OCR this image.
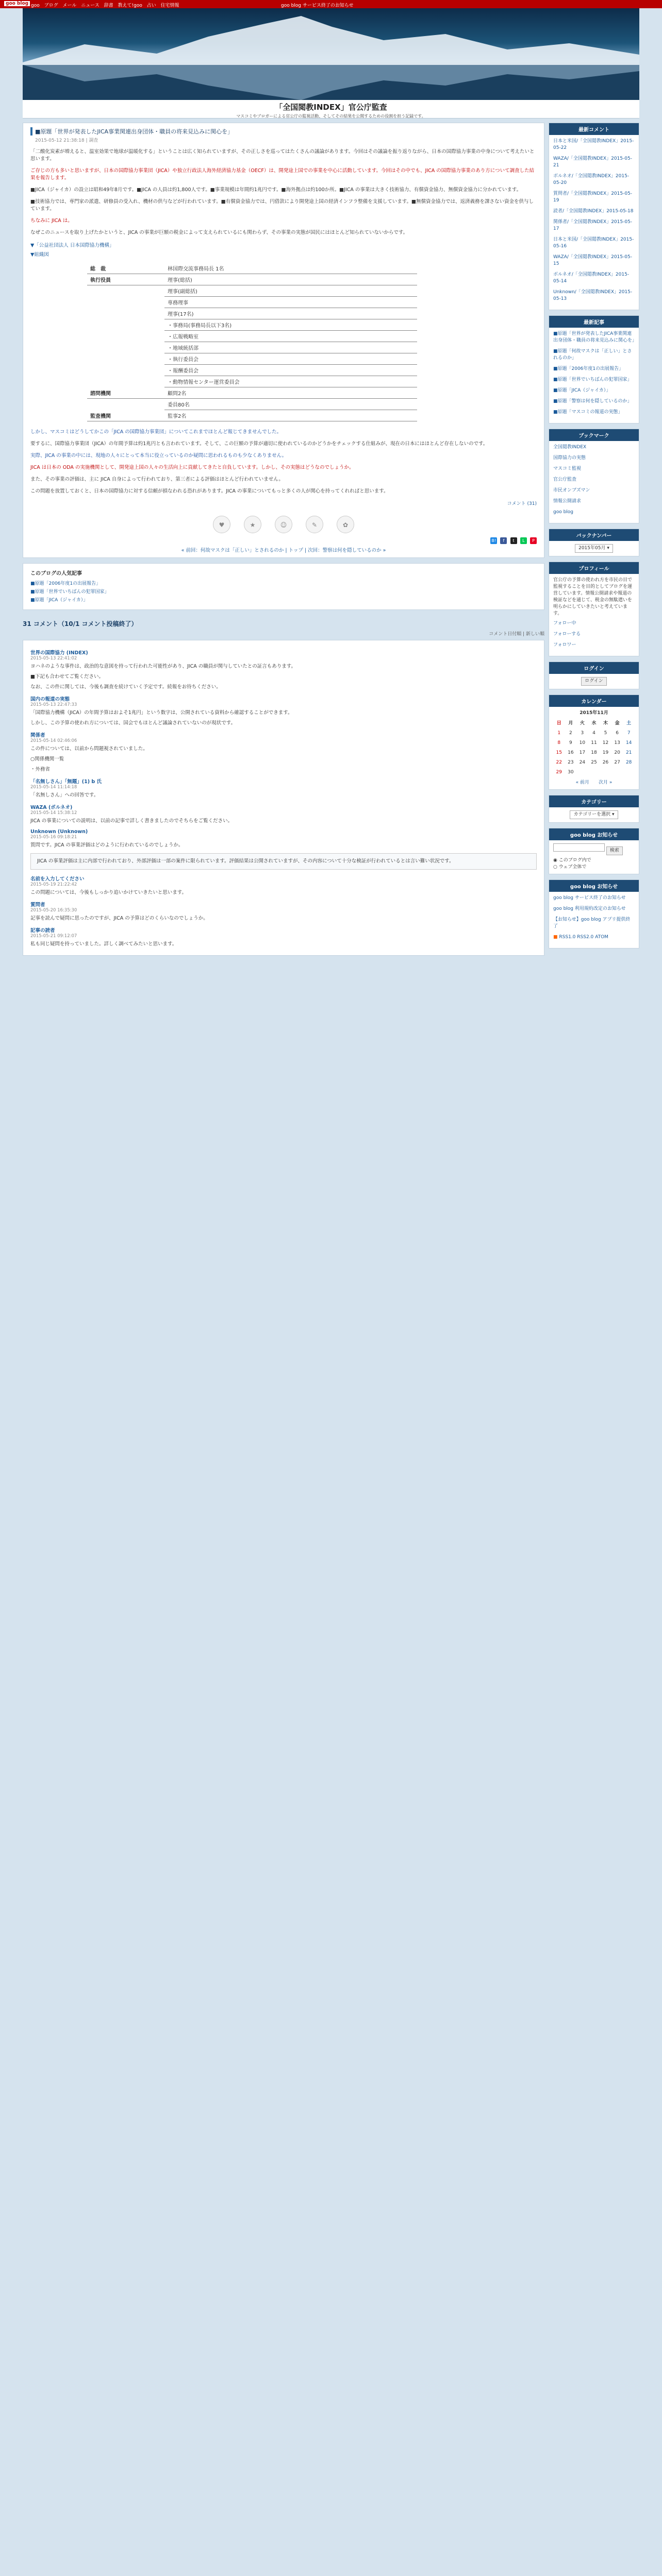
goo blog goo ブログ メール ニュース 辞書 教えて!goo 占い 住宅情報	goo blog サービス終了のお知らせ
「全国閲教INDEX」官公庁監査
マスコミやブロガーによる官公庁の監視活動、そしてその結果を公開するための役割を担う記録です。
■原題「世界が発表したJICA事業関連出身団体・職員の将来見込みに関心を」
2015-05-12 21:38:18 | 調査

「二酸化炭素が増えると、温室効果で地球が温暖化する」ということは広く知られていますが、その正しさを巡ってはたくさんの議論があります。今回はその議論を振り返りながら、日本の国際協力事業の中身について考えたいと思います。

ご存じの方も多いと思いますが、日本の国際協力事業団（JICA）や独立行政法人海外経済協力基金（OECF）は、開発途上国での事業を中心に活動しています。今回はその中でも、JICA の国際協力事業のあり方について調査した結果を報告します。

■JICA（ジャイカ）の設立は昭和49年8月です。■JICA の人員は約1,800人です。■事業規模は年間約1兆円です。■海外拠点は約100か所。■JICA の事業は大きく技術協力、有償資金協力、無償資金協力に分かれています。

■技術協力では、専門家の派遣、研修員の受入れ、機材の供与などが行われています。■有償資金協力では、円借款により開発途上国の経済インフラ整備を支援しています。■無償資金協力では、返済義務を課さない資金を供与しています。

ちなみに JICA は。

なぜこのニュースを取り上げたかというと、JICA の事業が巨額の税金によって支えられているにも関わらず、その事業の実態が国民にはほとんど知られていないからです。

▼「公益社団法人 日本国際協力機構」
▼組織図
総　裁	林国際交流事務局長 1名
執行役員	理事(総括)
	理事(副総括)
	専務理事
	理事(17名)
	・事務局(事務局長以下3名)
	・広報戦略室
	・地域統括部
	・執行委員会
	・報酬委員会
	・動物情報センター運営委員会
諮問機関	顧問2名
	委員80名
監査機関	監事2名

しかし、マスコミはどうしてかこの「JICA の国際協力事業団」についてこれまでほとんど報じてきませんでした。

要するに、国際協力事業団（JICA）の年間予算は約1兆円とも言われています。そして、この巨額の予算が適切に使われているのかどうかをチェックする仕組みが、現在の日本にはほとんど存在しないのです。

実際、JICA の事業の中には、現地の人々にとって本当に役立っているのか疑問に思われるものも少なくありません。

JICA は日本の ODA の実施機関として、開発途上国の人々の生活向上に貢献してきたと自負しています。しかし、その実態はどうなのでしょうか。

また、その事業の評価は、主に JICA 自身によって行われており、第三者による評価はほとんど行われていません。

この問題を放置しておくと、日本の国際協力に対する信頼が損なわれる恐れがあります。JICA の事業についてもっと多くの人が関心を持ってくれればと思います。

コメント (31)
♥	★	☺	✎	✿
B! f t L P
« 前回：何故マスクは「正しい」とされるのか | トップ | 次回：警察は何を隠しているのか »
このブログの人気記事
■原題「2006年度1の出展報告」
■原題「世界でいちばんの犯罪国家」
■原題「JICA（ジャイカ）」
31 コメント（10/1 コメント投稿終了）
コメント日付順 | 新しい順
世界の国際協力 (INDEX)
2015-05-13 22:41:02

ヨハネのような事件は、政治的な意図を持って行われた可能性があり、JICA の職員が関与していたとの証言もあります。

■下記も合わせてご覧ください。

なお、この件に関しては、今後も調査を続けていく予定です。続報をお待ちください。

国内の報道の実態
2015-05-13 22:47:33

「国際協力機構（JICA）の年間予算はおよそ1兆円」という数字は、公開されている資料から確認することができます。

しかし、この予算の使われ方については、国会でもほとんど議論されていないのが現状です。

関係者
2015-05-14 02:46:06

この件については、以前から問題視されていました。

○関係機関一覧

・外務省

「名無しさん」「無題」(1) b 氏
2015-05-14 11:14:18

「名無しさん」への回答です。

WAZA (ボルネオ)
2015-05-14 15:38:12

JICA の事業についての説明は、以前の記事で詳しく書きましたのでそちらをご覧ください。

Unknown (Unknown)
2015-05-16 09:18:21

質問です。JICA の事業評価はどのように行われているのでしょうか。

JICA の事業評価は主に内部で行われており、外部評価は一部の案件に限られています。評価結果は公開されていますが、その内容について十分な検証が行われているとは言い難い状況です。
名前を入力してください
2015-05-19 21:22:42

この問題については、今後もしっかり追いかけていきたいと思います。

質問者
2015-05-20 16:35:30

記事を読んで疑問に思ったのですが、JICA の予算はどのくらいなのでしょうか。

記事の読者
2015-05-21 09:12:07

私も同じ疑問を持っていました。詳しく調べてみたいと思います。

最新コメント
日本と米国/「全国閲教INDEX」2015-05-22
WAZA/「全国閲教INDEX」2015-05-21
ボルネオ/「全国閲教INDEX」2015-05-20
質問者/「全国閲教INDEX」2015-05-19
読者/「全国閲教INDEX」2015-05-18
関係者/「全国閲教INDEX」2015-05-17
日本と米国/「全国閲教INDEX」2015-05-16
WAZA/「全国閲教INDEX」2015-05-15
ボルネオ/「全国閲教INDEX」2015-05-14
Unknown/「全国閲教INDEX」2015-05-13
最新記事
■原題「世界が発表したJICA事業関連出身団体・職員の将来見込みに関心を」
■原題「何故マスクは「正しい」とされるのか」
■原題「2006年度1の出展報告」
■原題「世界でいちばんの犯罪国家」
■原題「JICA（ジャイカ）」
■原題「警察は何を隠しているのか」
■原題「マスコミの報道の実態」
ブックマーク
全国閲教INDEX
国際協力の実態
マスコミ監視
官公庁監査
市民オンブズマン
情報公開請求
goo blog
バックナンバー
2015年05月 ▾
プロフィール
官公庁の予算の使われ方を市民の目で監視することを目的としてブログを運営しています。情報公開請求や報道の検証などを通じて、税金の無駄遣いを明らかにしていきたいと考えています。
フォロー中
フォローする
フォロワー
ログイン
ログイン
カレンダー
2015年11月
日	月	火	水	木	金	土
1	2	3	4	5	6	7
8	9	10	11	12	13	14
15	16	17	18	19	20	21
22	23	24	25	26	27	28
29	30					
« 前月　　次月 »
カテゴリー
カテゴリーを選択 ▾
goo blog お知らせ
検索
◉ このブログ内で
○ ウェブ全体で
goo blog お知らせ
goo blog サービス終了のお知らせ
goo blog 利用規約改定のお知らせ
【お知らせ】goo blog アプリ提供終了
■ RSS1.0 RSS2.0 ATOM
